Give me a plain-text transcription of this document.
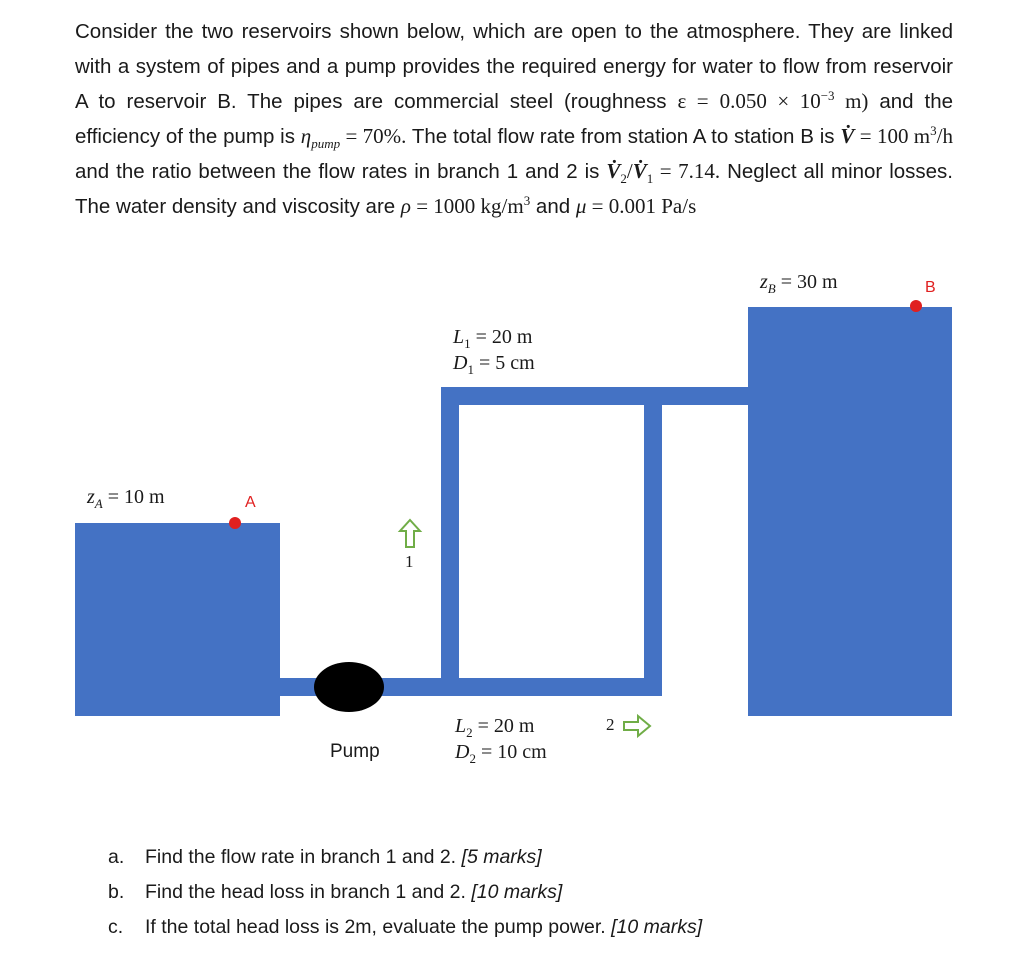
Consider the two reservoirs shown below, which are open to the atmosphere. They are linked with a system of pipes and a pump provides the required energy for water to flow from reservoir A to reservoir B. The pipes are commercial steel (roughness $\varepsilon = 0.050 \times 10^{-3}$ m) and the efficiency of the pump is $\eta_{pump} = 70\%$. The total flow rate from station A to station B is V̇ = 100 $m^3/h$ and the ratio between the flow rates in branch 1 and 2 is $V̇_2/V̇_1 = 7.14$. Neglect all minor losses. The water density and viscosity are ρ = 1000 $kg/m^3$ and μ = 0.001 Pa/s
$z_A = 10$ m
$z_B = 30$ m
A
B
$L_1 = 20$ m
$D_1 = 5$ cm
1
$L_2 = 20$ m
$D_2 = 10$ cm
2
Pump
a. Find the flow rate in branch 1 and 2. [5 marks]
b. Find the head loss in branch 1 and 2. [10 marks]
c. If the total head loss is 2m, evaluate the pump power. [10 marks]
